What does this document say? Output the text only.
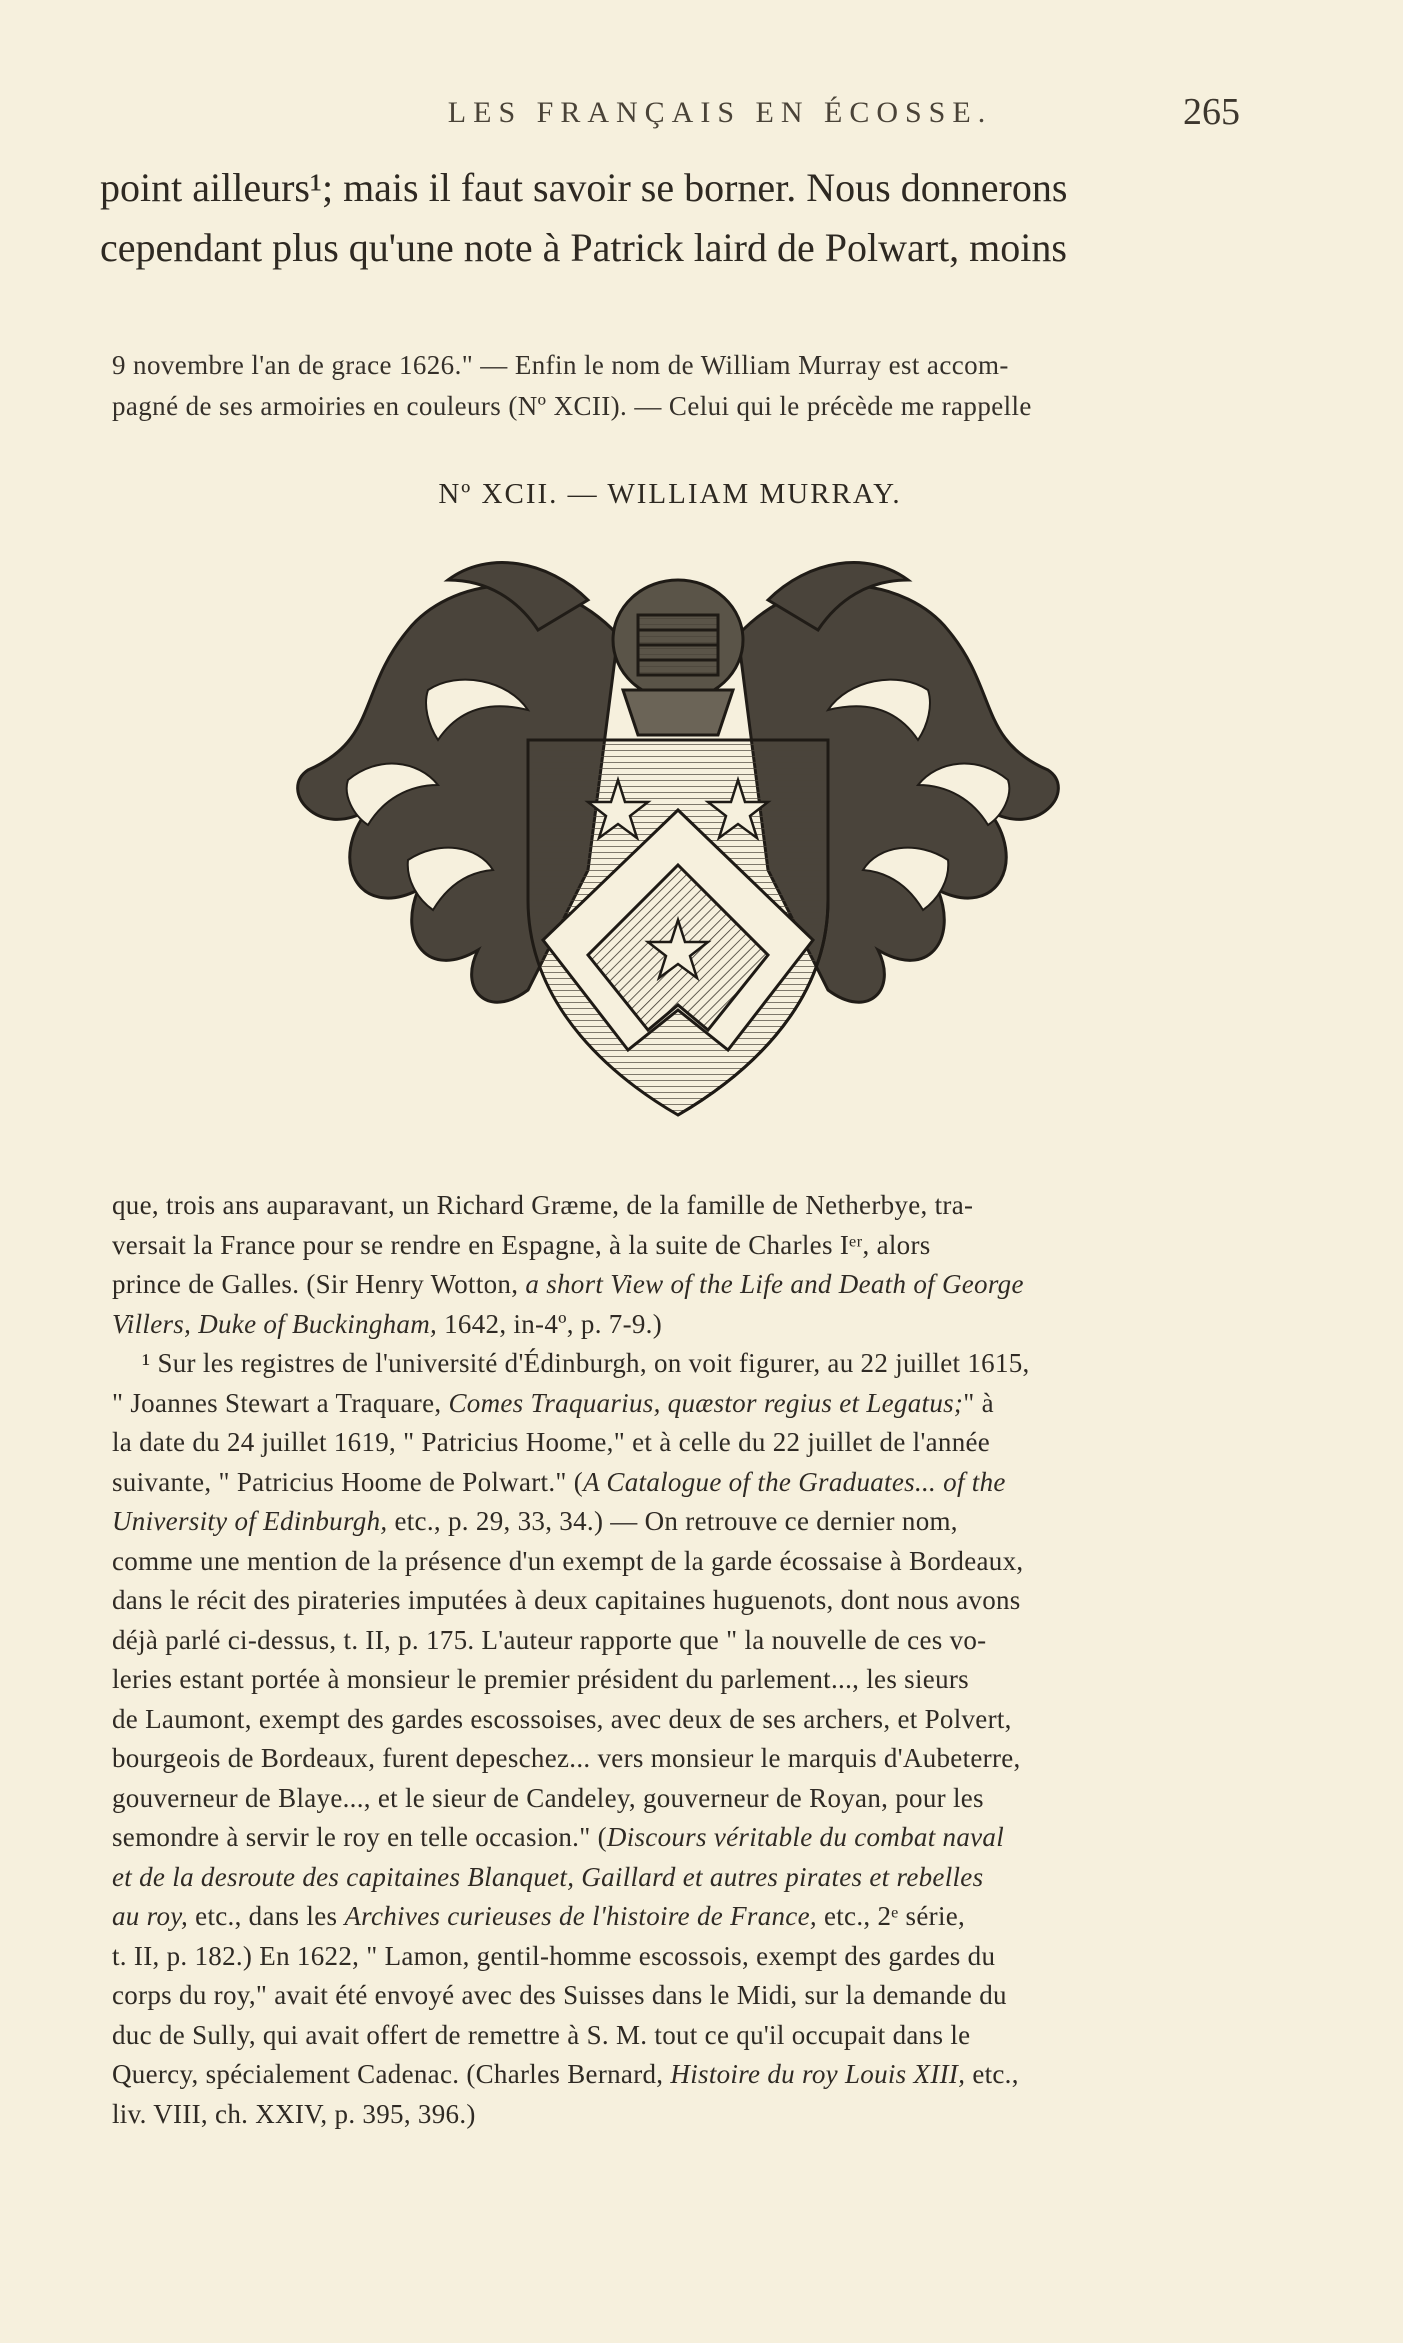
LES FRANÇAIS EN ÉCOSSE.	265
point ailleurs¹; mais il faut savoir se borner. Nous donnerons
cependant plus qu'une note à Patrick laird de Polwart, moins
9 novembre l'an de grace 1626." — Enfin le nom de William Murray est accom-
pagné de ses armoiries en couleurs (Nº XCII). — Celui qui le précède me rappelle
Nº XCII. — WILLIAM MURRAY.
que, trois ans auparavant, un Richard Græme, de la famille de Netherbye, tra-
versait la France pour se rendre en Espagne, à la suite de Charles Iᵉʳ, alors
prince de Galles. (Sir Henry Wotton, a short View of the Life and Death of George
Villers, Duke of Buckingham, 1642, in-4º, p. 7-9.)
¹ Sur les registres de l'université d'Édinburgh, on voit figurer, au 22 juillet 1615,
" Joannes Stewart a Traquare, Comes Traquarius, quæstor regius et Legatus;" à
la date du 24 juillet 1619, " Patricius Hoome," et à celle du 22 juillet de l'année
suivante, " Patricius Hoome de Polwart." (A Catalogue of the Graduates... of the
University of Edinburgh, etc., p. 29, 33, 34.) — On retrouve ce dernier nom,
comme une mention de la présence d'un exempt de la garde écossaise à Bordeaux,
dans le récit des pirateries imputées à deux capitaines huguenots, dont nous avons
déjà parlé ci-dessus, t. II, p. 175. L'auteur rapporte que " la nouvelle de ces vo-
leries estant portée à monsieur le premier président du parlement..., les sieurs
de Laumont, exempt des gardes escossoises, avec deux de ses archers, et Polvert,
bourgeois de Bordeaux, furent depeschez... vers monsieur le marquis d'Aubeterre,
gouverneur de Blaye..., et le sieur de Candeley, gouverneur de Royan, pour les
semondre à servir le roy en telle occasion." (Discours véritable du combat naval
et de la desroute des capitaines Blanquet, Gaillard et autres pirates et rebelles
au roy, etc., dans les Archives curieuses de l'histoire de France, etc., 2ᵉ série,
t. II, p. 182.) En 1622, " Lamon, gentil-homme escossois, exempt des gardes du
corps du roy," avait été envoyé avec des Suisses dans le Midi, sur la demande du
duc de Sully, qui avait offert de remettre à S. M. tout ce qu'il occupait dans le
Quercy, spécialement Cadenac. (Charles Bernard, Histoire du roy Louis XIII, etc.,
liv. VIII, ch. XXIV, p. 395, 396.)
